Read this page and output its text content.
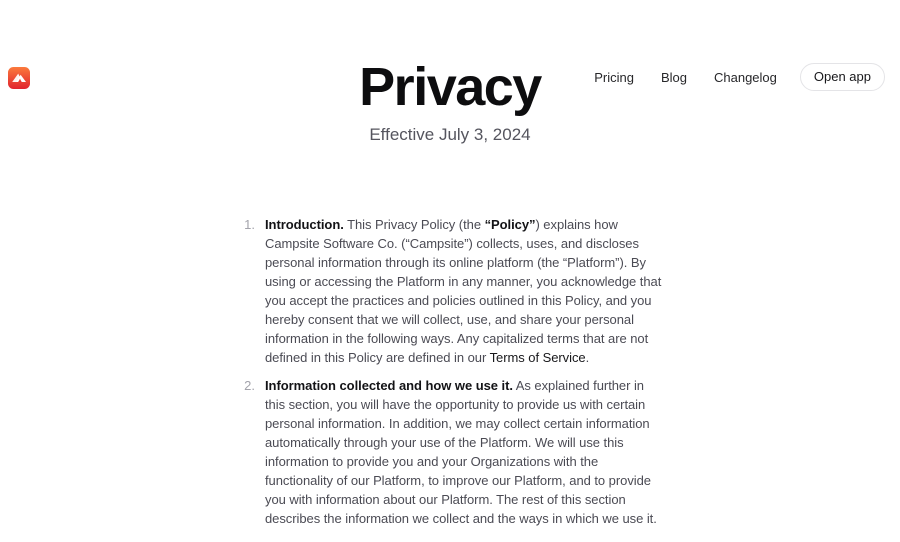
Pricing Blog Changelog	Open app
Privacy

Effective July 3, 2024

1. Introduction. This Privacy Policy (the “Policy”) explains how Campsite Software Co. (“Campsite”) collects, uses, and discloses personal information through its online platform (the “Platform”). By using or accessing the Platform in any manner, you acknowledge that you accept the practices and policies outlined in this Policy, and you hereby consent that we will collect, use, and share your personal information in the following ways. Any capitalized terms that are not defined in this Policy are defined in our Terms of Service.

2. Information collected and how we use it. As explained further in this section, you will have the opportunity to provide us with certain personal information. In addition, we may collect certain information automatically through your use of the Platform. We will use this information to provide you and your Organizations with the functionality of our Platform, to improve our Platform, and to provide you with information about our Platform. The rest of this section describes the information we collect and the ways in which we use it.
